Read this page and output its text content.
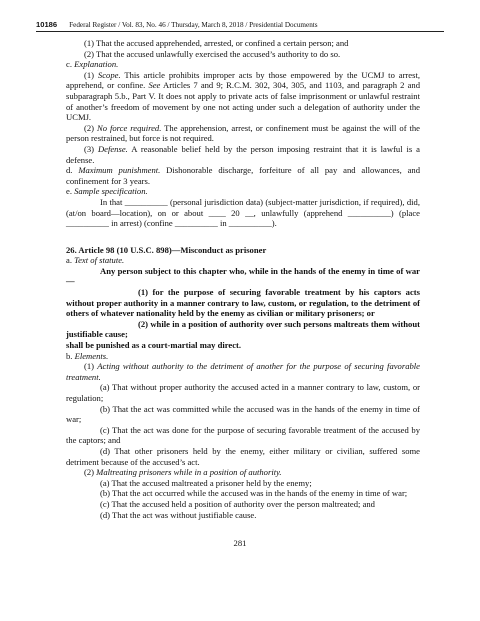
10186 Federal Register / Vol. 83, No. 46 / Thursday, March 8, 2018 / Presidential Documents

(1) That the accused apprehended, arrested, or confined a certain person; and

(2) That the accused unlawfully exercised the accused’s authority to do so.

c. Explanation.

(1) Scope. This article prohibits improper acts by those empowered by the UCMJ to arrest, apprehend, or confine. See Articles 7 and 9; R.C.M. 302, 304, 305, and 1103, and paragraph 2 and subparagraph 5.b., Part V. It does not apply to private acts of false imprisonment or unlawful restraint of another’s freedom of movement by one not acting under such a delegation of authority under the UCMJ.

(2) No force required. The apprehension, arrest, or confinement must be against the will of the person restrained, but force is not required.

(3) Defense. A reasonable belief held by the person imposing restraint that it is lawful is a defense.

d. Maximum punishment. Dishonorable discharge, forfeiture of all pay and allowances, and confinement for 3 years.

e. Sample specification.

In that __________ (personal jurisdiction data) (subject-matter jurisdiction, if required), did, (at/on board—location), on or about ____ 20 __, unlawfully (apprehend __________) (place __________ in arrest) (confine __________ in __________).

26. Article 98 (10 U.S.C. 898)—Misconduct as prisoner

a. Text of statute.

Any person subject to this chapter who, while in the hands of the enemy in time of war—

(1) for the purpose of securing favorable treatment by his captors acts without proper authority in a manner contrary to law, custom, or regulation, to the detriment of others of whatever nationality held by the enemy as civilian or military prisoners; or

(2) while in a position of authority over such persons maltreats them without justifiable cause;

shall be punished as a court-martial may direct.

b. Elements.

(1) Acting without authority to the detriment of another for the purpose of securing favorable treatment.

(a) That without proper authority the accused acted in a manner contrary to law, custom, or regulation;

(b) That the act was committed while the accused was in the hands of the enemy in time of war;

(c) That the act was done for the purpose of securing favorable treatment of the accused by the captors; and

(d) That other prisoners held by the enemy, either military or civilian, suffered some detriment because of the accused’s act.

(2) Maltreating prisoners while in a position of authority.

(a) That the accused maltreated a prisoner held by the enemy;

(b) That the act occurred while the accused was in the hands of the enemy in time of war;

(c) That the accused held a position of authority over the person maltreated; and

(d) That the act was without justifiable cause.

281
